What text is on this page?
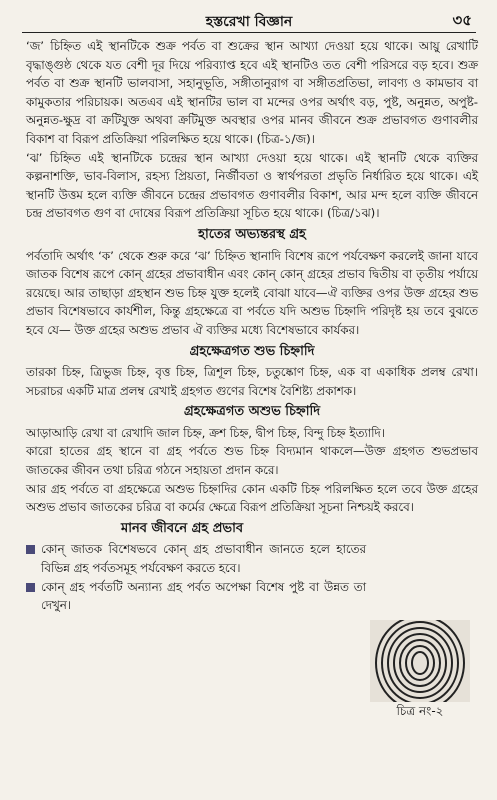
হস্তরেখা বিজ্ঞান	৩৫

‘জ’ চিহ্নিত এই স্থানটিকে শুক্র পর্বত বা শুক্রের স্থান আখ্যা দেওয়া হয়ে থাকে। আয়ু রেখাটি বৃদ্ধাঙ্গুষ্ঠ থেকে যত বেশী দূর দিয়ে পরিব্যাপ্ত হবে এই স্থানটিও তত বেশী পরিসরে বড় হবে। শুক্র পর্বত বা শুক্র স্থানটি ভালবাসা, সহানুভূতি, সঙ্গীতানুরাগ বা সঙ্গীতপ্রতিভা, লাবণ্য ও কামভাব বা কামুকতার পরিচায়ক। অতএব এই স্থানটির ভাল বা মন্দের ওপর অর্থাৎ বড়, পুষ্ট, অনুন্নত, অপুষ্ট-অনুন্নত-ক্ষুদ্র বা ক্রটিযুক্ত অথবা ক্রটিমুক্ত অবস্থার ওপর মানব জীবনে শুক্র প্রভাবগত গুণাবলীর বিকাশ বা বিরূপ প্রতিক্রিয়া পরিলক্ষিত হয়ে থাকে। (চিত্র-১/জ)।

‘ঝ’ চিহ্নিত এই স্থানটিকে চন্দ্রের স্থান আখ্যা দেওয়া হয়ে থাকে। এই স্থানটি থেকে ব্যক্তির কল্পনাশক্তি, ভাব-বিলাস, রহস্য প্রিয়তা, নির্জীবতা ও স্বার্থপরতা প্রভৃতি নির্ধারিত হয়ে থাকে। এই স্থানটি উত্তম হলে ব্যক্তি জীবনে চন্দ্রের প্রভাবগত গুণাবলীর বিকাশ, আর মন্দ হলে ব্যক্তি জীবনে চন্দ্র প্রভাবগত গুণ বা দোষের বিরূপ প্রতিক্রিয়া সূচিত হয়ে থাকে। (চিত্র/১ঝ)।

হাতের অভ্যন্তরস্থ গ্রহ

পর্বতাদি অর্থাৎ ‘ক’ থেকে শুরু করে ‘ঝ’ চিহ্নিত স্থানাদি বিশেষ রূপে পর্যবেক্ষণ করলেই জানা যাবে জাতক বিশেষ রূপে কোন্ গ্রহের প্রভাবাধীন এবং কোন্ কোন্ গ্রহের প্রভাব দ্বিতীয় বা তৃতীয় পর্যায়ে রয়েছে। আর তাছাড়া গ্রহস্থান শুভ চিহ্ন যুক্ত হলেই বোঝা যাবে—ঐ ব্যক্তির ওপর উক্ত গ্রহের শুভ প্রভাব বিশেষভাবে কার্যশীল, কিন্তু গ্রহক্ষেত্রে বা পর্বতে যদি অশুভ চিহ্নাদি পরিদৃষ্ট হয় তবে বুঝতে হবে যে— উক্ত গ্রহের অশুভ প্রভাব ঐ ব্যক্তির মধ্যে বিশেষভাবে কার্যকর।

গ্রহক্ষেত্রগত শুভ চিহ্নাদি

তারকা চিহ্ন, ত্রিভুজ চিহ্ন, বৃত্ত চিহ্ন, ত্রিশূল চিহ্ন, চতুষ্কোণ চিহ্ন, এক বা একাধিক প্রলম্ব রেখা। সচরাচর একটি মাত্র প্রলম্ব রেখাই গ্রহগত গুণের বিশেষ বৈশিষ্ট্য প্রকাশক।

গ্রহক্ষেত্রগত অশুভ চিহ্নাদি

আড়াআড়ি রেখা বা রেখাদি জাল চিহ্ন, ক্রশ চিহ্ন, দ্বীপ চিহ্ন, বিন্দু চিহ্ন ইত্যাদি।

কারো হাতের গ্রহ স্থানে বা গ্রহ পর্বতে শুভ চিহ্ন বিদ্যমান থাকলে—উক্ত গ্রহগত শুভপ্রভাব জাতকের জীবন তথা চরিত্র গঠনে সহায়তা প্রদান করে।

আর গ্রহ পর্বতে বা গ্রহক্ষেত্রে অশুভ চিহ্নাদির কোন একটি চিহ্ন পরিলক্ষিত হলে তবে উক্ত গ্রহের অশুভ প্রভাব জাতকের চরিত্র বা কর্মের ক্ষেত্রে বিরূপ প্রতিক্রিয়া সূচনা নিশ্চয়ই করবে।

মানব জীবনে গ্রহ প্রভাব
কোন্ জাতক বিশেষভবে কোন্ গ্রহ প্রভাবাধীন জানতে হলে হাতের বিভিন্ন গ্রহ পর্বতসমূহ পর্যবেক্ষণ করতে হবে।
কোন্ গ্রহ পর্বতটি অন্যান্য গ্রহ পর্বত অপেক্ষা বিশেষ পুষ্ট বা উন্নত তা দেখুন।
চিত্র নং-২
